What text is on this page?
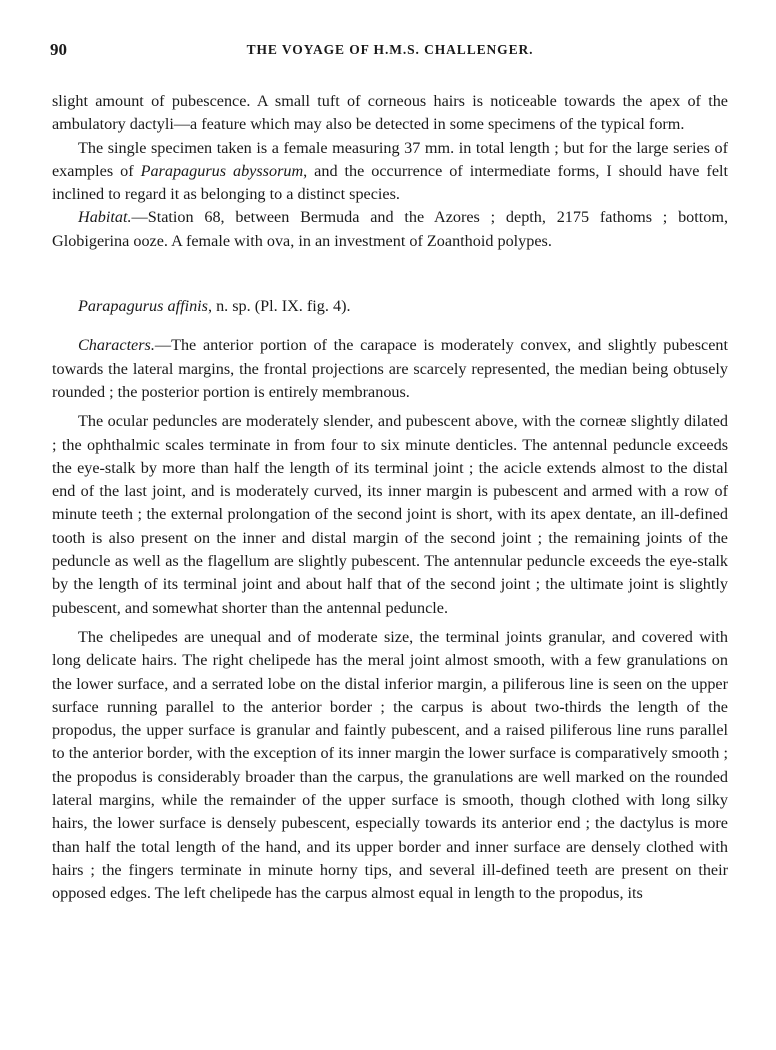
90	THE VOYAGE OF H.M.S. CHALLENGER.

slight amount of pubescence. A small tuft of corneous hairs is noticeable towards the apex of the ambulatory dactyli—a feature which may also be detected in some specimens of the typical form.

The single specimen taken is a female measuring 37 mm. in total length ; but for the large series of examples of Parapagurus abyssorum, and the occurrence of intermediate forms, I should have felt inclined to regard it as belonging to a distinct species.

Habitat.—Station 68, between Bermuda and the Azores ; depth, 2175 fathoms ; bottom, Globigerina ooze. A female with ova, in an investment of Zoanthoid polypes.

Parapagurus affinis, n. sp. (Pl. IX. fig. 4).

Characters.—The anterior portion of the carapace is moderately convex, and slightly pubescent towards the lateral margins, the frontal projections are scarcely represented, the median being obtusely rounded ; the posterior portion is entirely membranous.

The ocular peduncles are moderately slender, and pubescent above, with the corneæ slightly dilated ; the ophthalmic scales terminate in from four to six minute denticles. The antennal peduncle exceeds the eye-stalk by more than half the length of its terminal joint ; the acicle extends almost to the distal end of the last joint, and is moderately curved, its inner margin is pubescent and armed with a row of minute teeth ; the external prolongation of the second joint is short, with its apex dentate, an ill-defined tooth is also present on the inner and distal margin of the second joint ; the remaining joints of the peduncle as well as the flagellum are slightly pubescent. The antennular peduncle exceeds the eye-stalk by the length of its terminal joint and about half that of the second joint ; the ultimate joint is slightly pubescent, and somewhat shorter than the antennal peduncle.

The chelipedes are unequal and of moderate size, the terminal joints granular, and covered with long delicate hairs. The right chelipede has the meral joint almost smooth, with a few granulations on the lower surface, and a serrated lobe on the distal inferior margin, a piliferous line is seen on the upper surface running parallel to the anterior border ; the carpus is about two-thirds the length of the propodus, the upper surface is granular and faintly pubescent, and a raised piliferous line runs parallel to the anterior border, with the exception of its inner margin the lower surface is comparatively smooth ; the propodus is considerably broader than the carpus, the granulations are well marked on the rounded lateral margins, while the remainder of the upper surface is smooth, though clothed with long silky hairs, the lower surface is densely pubescent, especially towards its anterior end ; the dactylus is more than half the total length of the hand, and its upper border and inner surface are densely clothed with hairs ; the fingers terminate in minute horny tips, and several ill-defined teeth are present on their opposed edges. The left chelipede has the carpus almost equal in length to the propodus, its
